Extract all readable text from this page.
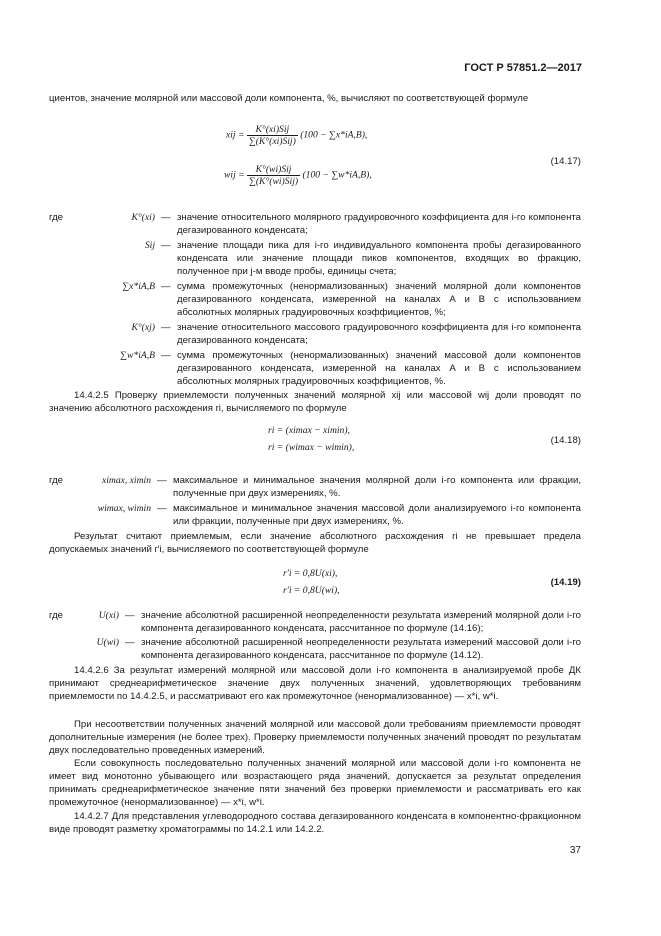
ГОСТ Р 57851.2—2017
циентов, значение молярной или массовой доли компонента, %, вычисляют по соответствующей формуле
xij = $\frac{\text{K°(xi)Sij}}{\text{∑(K°(xi)Sij)}} (100 - \sum x*iA,B)$,
wij = $\frac{\text{K°(wi)Sij}}{\text{∑(K°(wi)Sij)}} (100 - \sum w*iA,B)$,
(14.17)
где	K°(xi) — значение относительного молярного градуировочного коэффициента для i-го компонента дегазированного конденсата;
Sij — значение площади пика для i-го индивидуального компонента пробы дегазированного конденсата или значение площади пиков компонентов, входящих во фракцию, полученное при j-м вводе пробы, единицы счета;
∑x*iA,B — сумма промежуточных (ненормализованных) значений молярной доли компонентов дегазированного конденсата, измеренной на каналах А и В с использованием абсолютных молярных градуировочных коэффициентов, %;
K°(xj) — значение относительного массового градуировочного коэффициента для i-го компонента дегазированного конденсата;
∑w*iA,B — сумма промежуточных (ненормализованных) значений массовой доли компонентов дегазированного конденсата, измеренной на каналах А и В с использованием абсолютных молярных градуировочных коэффициентов, %.
14.4.2.5 Проверку приемлемости полученных значений молярной xij или массовой wij доли проводят по значению абсолютного расхождения ri, вычисляемого по формуле
ri = (ximax − ximin),
ri = (wimax − wimin),
(14.18)
где	ximax, ximin — максимальное и минимальное значения молярной доли i-го компонента или фракции, полученные при двух измерениях, %.
wimax, wimin — максимальное и минимальное значения массовой доли анализируемого i-го компонента или фракции, полученные при двух измерениях, %.
Результат считают приемлемым, если значение абсолютного расхождения ri не превышает предела допускаемых значений r′i, вычисляемого по соответствующей формуле
r′i = 0,8U(xi),
r′i = 0,8U(wi),
(14.19)
где	U(xi) — значение абсолютной расширенной неопределенности результата измерений молярной доли i-го компонента дегазированного конденсата, рассчитанное по формуле (14.16);
U(wi) — значение абсолютной расширенной неопределенности результата измерений массовой доли i-го компонента дегазированного конденсата, рассчитанное по формуле (14.12).
14.4.2.6 За результат измерений молярной или массовой доли i-го компонента в анализируемой пробе ДК принимают среднеарифметическое значение двух полученных значений, удовлетворяющих требованиям приемлемости по 14.4.2.5, и рассматривают его как промежуточное (ненормализованное) — x*i, w*i.
При несоответствии полученных значений молярной или массовой доли требованиям приемлемости проводят дополнительные измерения (не более трех). Проверку приемлемости полученных значений проводят по результатам двух последовательно проведенных измерений.
Если совокупность последовательно полученных значений молярной или массовой доли i-го компонента не имеет вид монотонно убывающего или возрастающего ряда значений, допускается за результат определения принимать среднеарифметическое значение пяти значений без проверки приемлемости и рассматривать его как промежуточное (ненормализованное) — x*i, w*i.
14.4.2.7 Для представления углеводородного состава дегазированного конденсата в компонентно-фракционном виде проводят разметку хроматограммы по 14.2.1 или 14.2.2.
37
